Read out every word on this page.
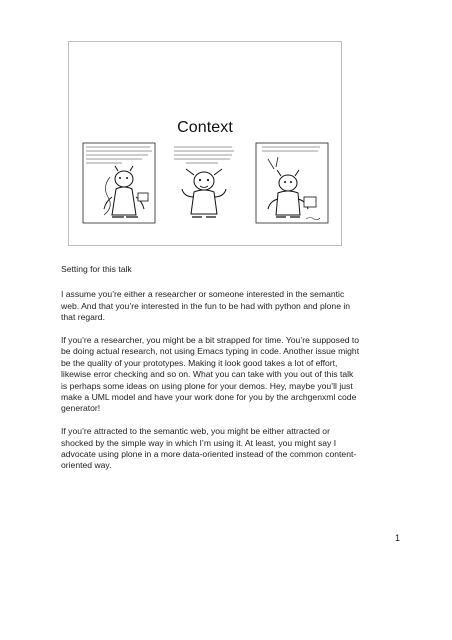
Context

Setting for this talk

I assume you’re either a researcher or someone interested in the semantic web. And that you’re interested in the fun to be had with python and plone in that regard.

If you’re a researcher, you might be a bit strapped for time. You’re supposed to be doing actual research, not using Emacs typing in code. Another issue might be the quality of your prototypes. Making it look good takes a lot of effort, likewise error checking and so on. What you can take with you out of this talk is perhaps some ideas on using plone for your demos. Hey, maybe you’ll just make a UML model and have your work done for you by the archgenxml code generator!

If you’re attracted to the semantic web, you might be either attracted or shocked by the simple way in which I’m using it. At least, you might say I advocate using plone in a more data-oriented instead of the common content-oriented way.

1
